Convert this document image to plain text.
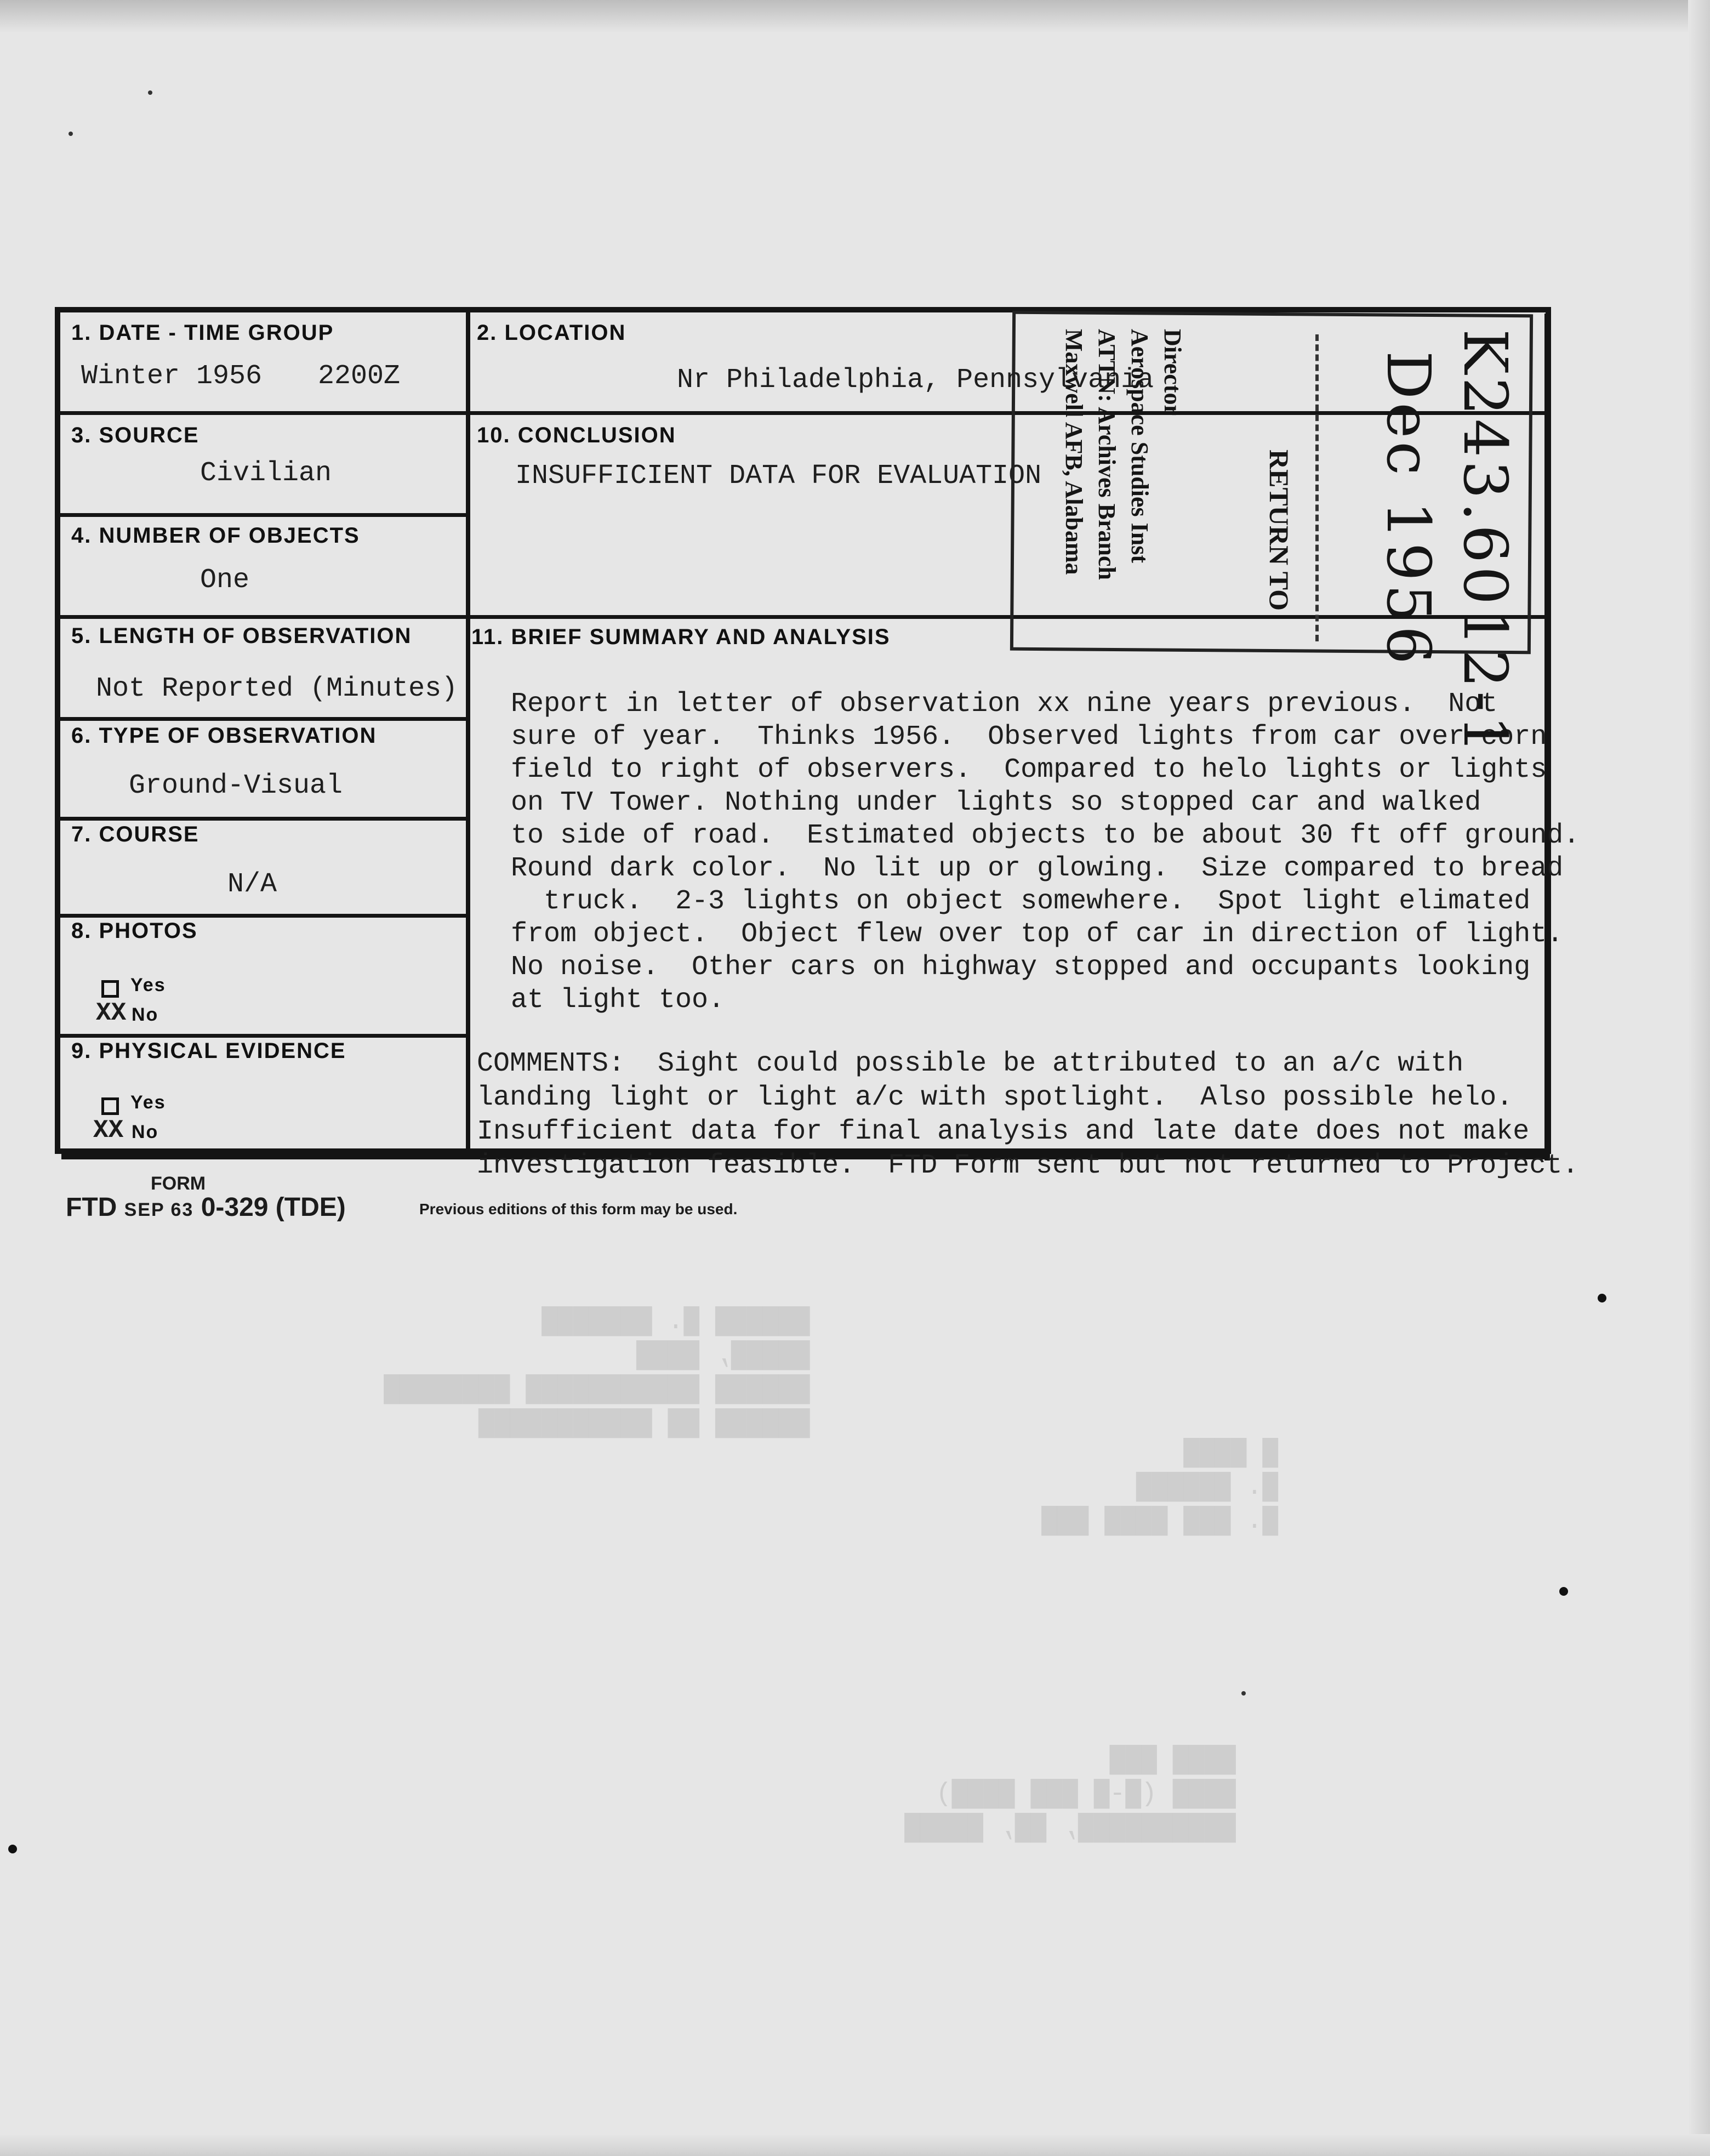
██████ █. ███████
█████, ████
██████ ███████████ ████████
██████ ██ ███████████
█ ████
█. ██████
█. ███ ████ ███
████ ███
████ (█-█ ███ ████)
██████████, ██, █████
1. DATE - TIME GROUP
Winter 1956 2200Z
2. LOCATION
Nr Philadelphia, Pennsylvania
3. SOURCE
Civilian
4. NUMBER OF OBJECTS
One
5. LENGTH OF OBSERVATION
Not Reported (Minutes)
6. TYPE OF OBSERVATION
Ground-Visual
7. COURSE
N/A
8. PHOTOS
Yes
XX No
9. PHYSICAL EVIDENCE
Yes
XX No
10. CONCLUSION
INSUFFICIENT DATA FOR EVALUATION
11. BRIEF SUMMARY AND ANALYSIS

Report in letter of observation xx nine years previous.  Not
sure of year.  Thinks 1956.  Observed lights from car over corn
field to right of observers.  Compared to helo lights or lights
on TV Tower. Nothing under lights so stopped car and walked
to side of road.  Estimated objects to be about 30 ft off ground.
Round dark color.  No lit up or glowing.  Size compared to bread
truck.  2-3 lights on object somewhere.  Spot light elimated
from object.  Object flew over top of car in direction of light.
No noise.  Other cars on highway stopped and occupants looking
at light too.

COMMENTS:  Sight could possible be attributed to an a/c with
landing light or light a/c with spotlight.  Also possible helo.
Insufficient data for final analysis and late date does not make
investigation feasible.  FTD Form sent but not returned to Project.

RETURN TO
Director
Aerospace Studies Inst
ATTN: Archives Branch
Maxwell AFB, Alabama	K243.6012-1
Dec 1956
FORM
FTD SEP 63 0-329 (TDE)	Previous editions of this form may be used.
